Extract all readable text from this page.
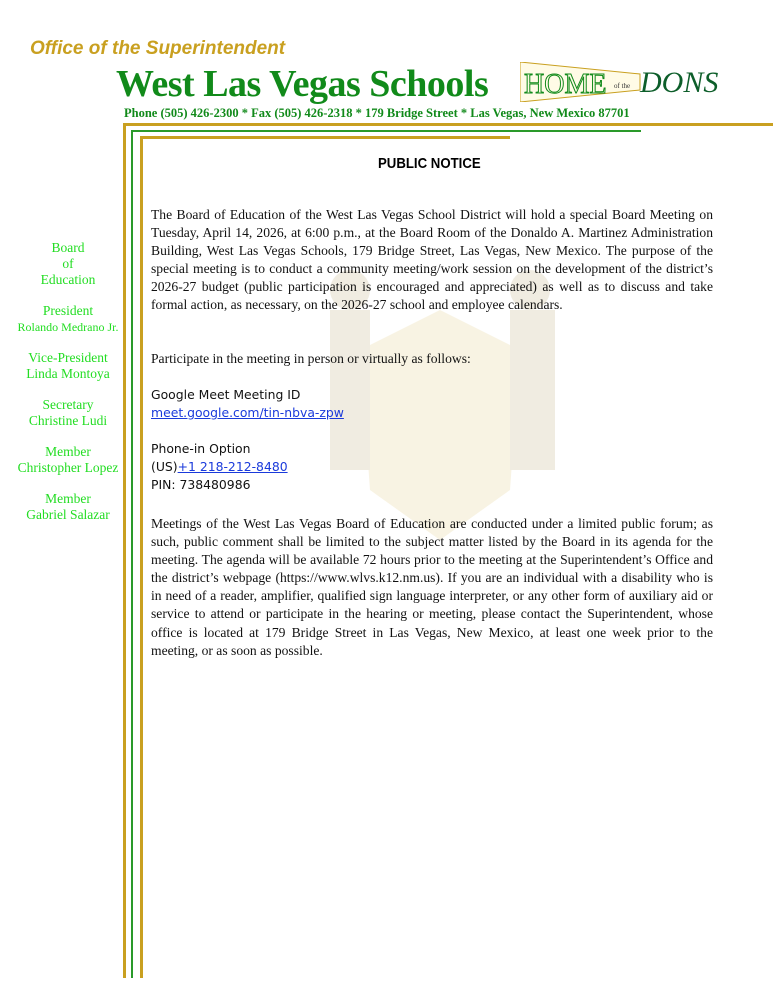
Office of the Superintendent
West Las Vegas Schools HOME of the DONS
Phone (505) 426-2300 * Fax (505) 426-2318 * 179 Bridge Street * Las Vegas, New Mexico 87701
Board
of
Education
President
Rolando Medrano Jr.
Vice-President
Linda Montoya
Secretary
Christine Ludi
Member
Christopher Lopez
Member
Gabriel Salazar
PUBLIC NOTICE
The Board of Education of the West Las Vegas School District will hold a special Board Meeting on Tuesday, April 14, 2026, at 6:00 p.m., at the Board Room of the Donaldo A. Martinez Administration Building, West Las Vegas Schools, 179 Bridge Street, Las Vegas, New Mexico. The purpose of the special meeting is to conduct a community meeting/work session on the development of the district’s 2026-27 budget (public participation is encouraged and appreciated) as well as to discuss and take formal action, as necessary, on the 2026-27 school and employee calendars.
Participate in the meeting in person or virtually as follows:
Google Meet Meeting ID
meet.google.com/tin-nbva-zpw
Phone-in Option
(US)+1 218-212-8480
PIN: 738480986
Meetings of the West Las Vegas Board of Education are conducted under a limited public forum; as such, public comment shall be limited to the subject matter listed by the Board in its agenda for the meeting. The agenda will be available 72 hours prior to the meeting at the Superintendent’s Office and the district’s webpage (https://www.wlvs.k12.nm.us). If you are an individual with a disability who is in need of a reader, amplifier, qualified sign language interpreter, or any other form of auxiliary aid or service to attend or participate in the hearing or meeting, please contact the Superintendent, whose office is located at 179 Bridge Street in Las Vegas, New Mexico, at least one week prior to the meeting, or as soon as possible.
